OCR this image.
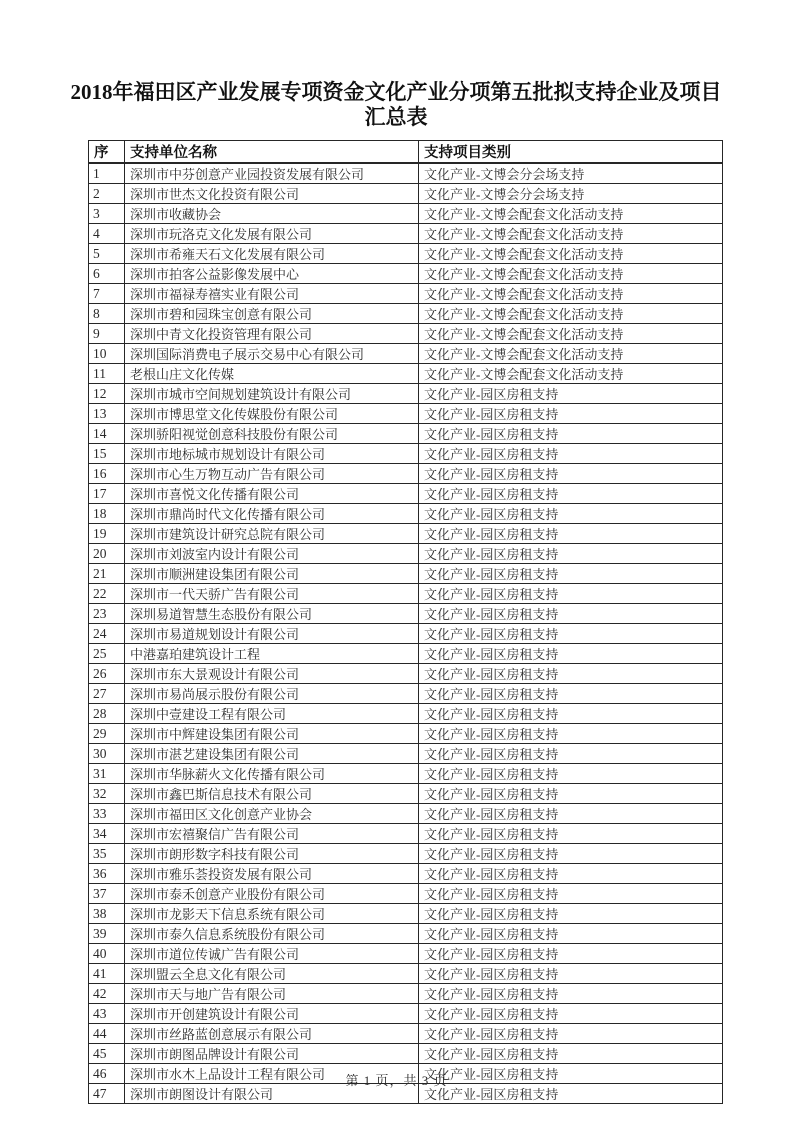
2018年福田区产业发展专项资金文化产业分项第五批拟支持企业及项目汇总表
序	支持单位名称	支持项目类别
1	深圳市中芬创意产业园投资发展有限公司	文化产业-文博会分会场支持
2	深圳市世杰文化投资有限公司	文化产业-文博会分会场支持
3	深圳市收藏协会	文化产业-文博会配套文化活动支持
4	深圳市玩洛克文化发展有限公司	文化产业-文博会配套文化活动支持
5	深圳市希雍天石文化发展有限公司	文化产业-文博会配套文化活动支持
6	深圳市拍客公益影像发展中心	文化产业-文博会配套文化活动支持
7	深圳市福禄寿禧实业有限公司	文化产业-文博会配套文化活动支持
8	深圳市碧和园珠宝创意有限公司	文化产业-文博会配套文化活动支持
9	深圳中青文化投资管理有限公司	文化产业-文博会配套文化活动支持
10	深圳国际消费电子展示交易中心有限公司	文化产业-文博会配套文化活动支持
11	老根山庄文化传媒	文化产业-文博会配套文化活动支持
12	深圳市城市空间规划建筑设计有限公司	文化产业-园区房租支持
13	深圳市博思堂文化传媒股份有限公司	文化产业-园区房租支持
14	深圳骄阳视觉创意科技股份有限公司	文化产业-园区房租支持
15	深圳市地标城市规划设计有限公司	文化产业-园区房租支持
16	深圳市心生万物互动广告有限公司	文化产业-园区房租支持
17	深圳市喜悦文化传播有限公司	文化产业-园区房租支持
18	深圳市鼎尚时代文化传播有限公司	文化产业-园区房租支持
19	深圳市建筑设计研究总院有限公司	文化产业-园区房租支持
20	深圳市刘波室内设计有限公司	文化产业-园区房租支持
21	深圳市顺洲建设集团有限公司	文化产业-园区房租支持
22	深圳市一代天骄广告有限公司	文化产业-园区房租支持
23	深圳易道智慧生态股份有限公司	文化产业-园区房租支持
24	深圳市易道规划设计有限公司	文化产业-园区房租支持
25	中港嘉珀建筑设计工程	文化产业-园区房租支持
26	深圳市东大景观设计有限公司	文化产业-园区房租支持
27	深圳市易尚展示股份有限公司	文化产业-园区房租支持
28	深圳中壹建设工程有限公司	文化产业-园区房租支持
29	深圳市中辉建设集团有限公司	文化产业-园区房租支持
30	深圳市湛艺建设集团有限公司	文化产业-园区房租支持
31	深圳市华脉薪火文化传播有限公司	文化产业-园区房租支持
32	深圳市鑫巴斯信息技术有限公司	文化产业-园区房租支持
33	深圳市福田区文化创意产业协会	文化产业-园区房租支持
34	深圳市宏禧聚信广告有限公司	文化产业-园区房租支持
35	深圳市朗形数字科技有限公司	文化产业-园区房租支持
36	深圳市雅乐荟投资发展有限公司	文化产业-园区房租支持
37	深圳市泰禾创意产业股份有限公司	文化产业-园区房租支持
38	深圳市龙影天下信息系统有限公司	文化产业-园区房租支持
39	深圳市泰久信息系统股份有限公司	文化产业-园区房租支持
40	深圳市道位传诚广告有限公司	文化产业-园区房租支持
41	深圳盟云全息文化有限公司	文化产业-园区房租支持
42	深圳市天与地广告有限公司	文化产业-园区房租支持
43	深圳市开创建筑设计有限公司	文化产业-园区房租支持
44	深圳市丝路蓝创意展示有限公司	文化产业-园区房租支持
45	深圳市朗图品牌设计有限公司	文化产业-园区房租支持
46	深圳市水木上品设计工程有限公司	文化产业-园区房租支持
47	深圳市朗图设计有限公司	文化产业-园区房租支持
第 1 页，共 3 页
